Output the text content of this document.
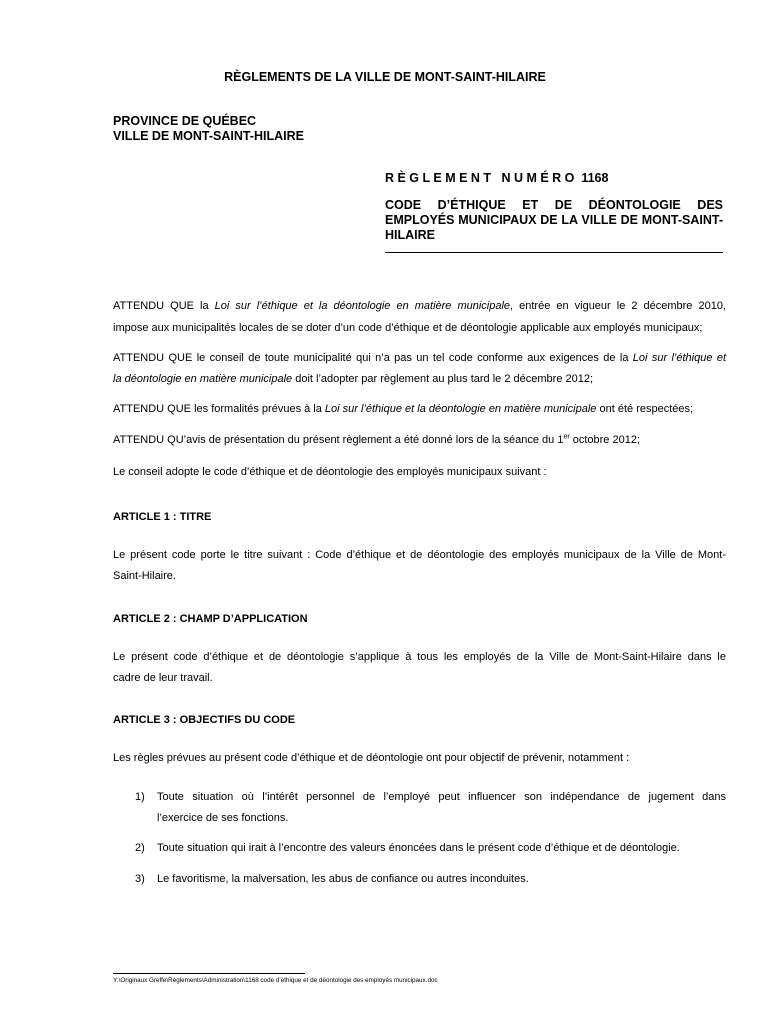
RÈGLEMENTS DE LA VILLE DE MONT-SAINT-HILAIRE
PROVINCE DE QUÉBEC
VILLE DE MONT-SAINT-HILAIRE
R È G L E M E N T   N U M É R O  1168
CODE D’ÉTHIQUE ET DE DÉONTOLOGIE DES
EMPLOYÉS MUNICIPAUX DE LA VILLE DE MONT-SAINT-
HILAIRE
ATTENDU QUE la Loi sur l’éthique et la déontologie en matière municipale, entrée en vigueur le 2 décembre 2010,
impose aux municipalités locales de se doter d’un code d’éthique et de déontologie applicable aux employés municipaux;
ATTENDU QUE le conseil de toute municipalité qui n’a pas un tel code conforme aux exigences de la Loi sur l’éthique et
la déontologie en matière municipale doit l’adopter par règlement au plus tard le 2 décembre 2012;
ATTENDU QUE les formalités prévues à la Loi sur l’éthique et la déontologie en matière municipale ont été respectées;
ATTENDU QU’avis de présentation du présent règlement a été donné lors de la séance du 1er octobre 2012;
Le conseil adopte le code d’éthique et de déontologie des employés municipaux suivant :
ARTICLE 1 : TITRE
Le présent code porte le titre suivant : Code d’éthique et de déontologie des employés municipaux de la Ville de Mont-
Saint-Hilaire.
ARTICLE 2 : CHAMP D’APPLICATION
Le présent code d’éthique et de déontologie s’applique à tous les employés de la Ville de Mont-Saint-Hilaire dans le
cadre de leur travail.
ARTICLE 3 : OBJECTIFS DU CODE
Les règles prévues au présent code d’éthique et de déontologie ont pour objectif de prévenir, notamment :
1) Toute situation où l’intérêt personnel de l’employé peut influencer son indépendance de jugement dans
l’exercice de ses fonctions.
2) Toute situation qui irait à l’encontre des valeurs énoncées dans le présent code d’éthique et de déontologie.
3) Le favoritisme, la malversation, les abus de confiance ou autres inconduites.
Y:\Originaux Greffe\Règlements\Administration\1168 code d’éthique et de déontologie des employés municipaux.doc
